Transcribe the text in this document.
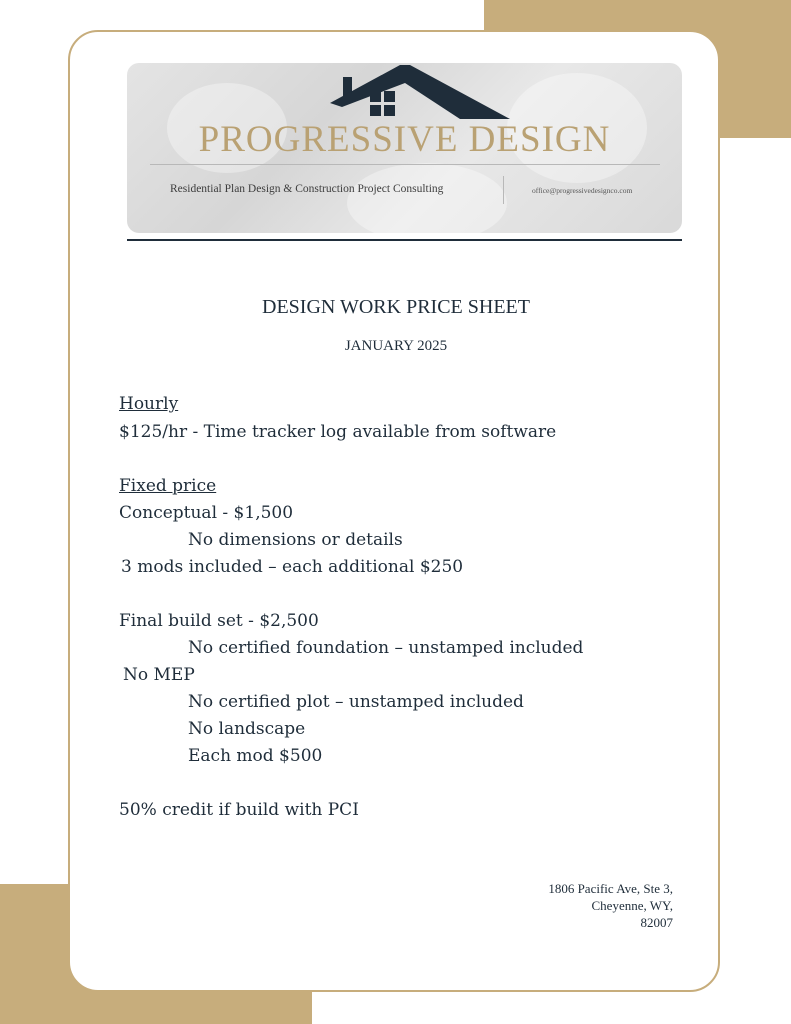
PROGRESSIVE DESIGN
Residential Plan Design & Construction Project Consulting	office@progressivedesignco.com
DESIGN WORK PRICE SHEET
JANUARY 2025
Hourly
$125/hr - Time tracker log available from software
Fixed price
Conceptual - $1,500
No dimensions or details
3 mods included – each additional $250
Final build set - $2,500
No certified foundation – unstamped included
No MEP
No certified plot – unstamped included
No landscape
Each mod $500
50% credit if build with PCI
1806 Pacific Ave, Ste 3,
Cheyenne, WY,
82007
